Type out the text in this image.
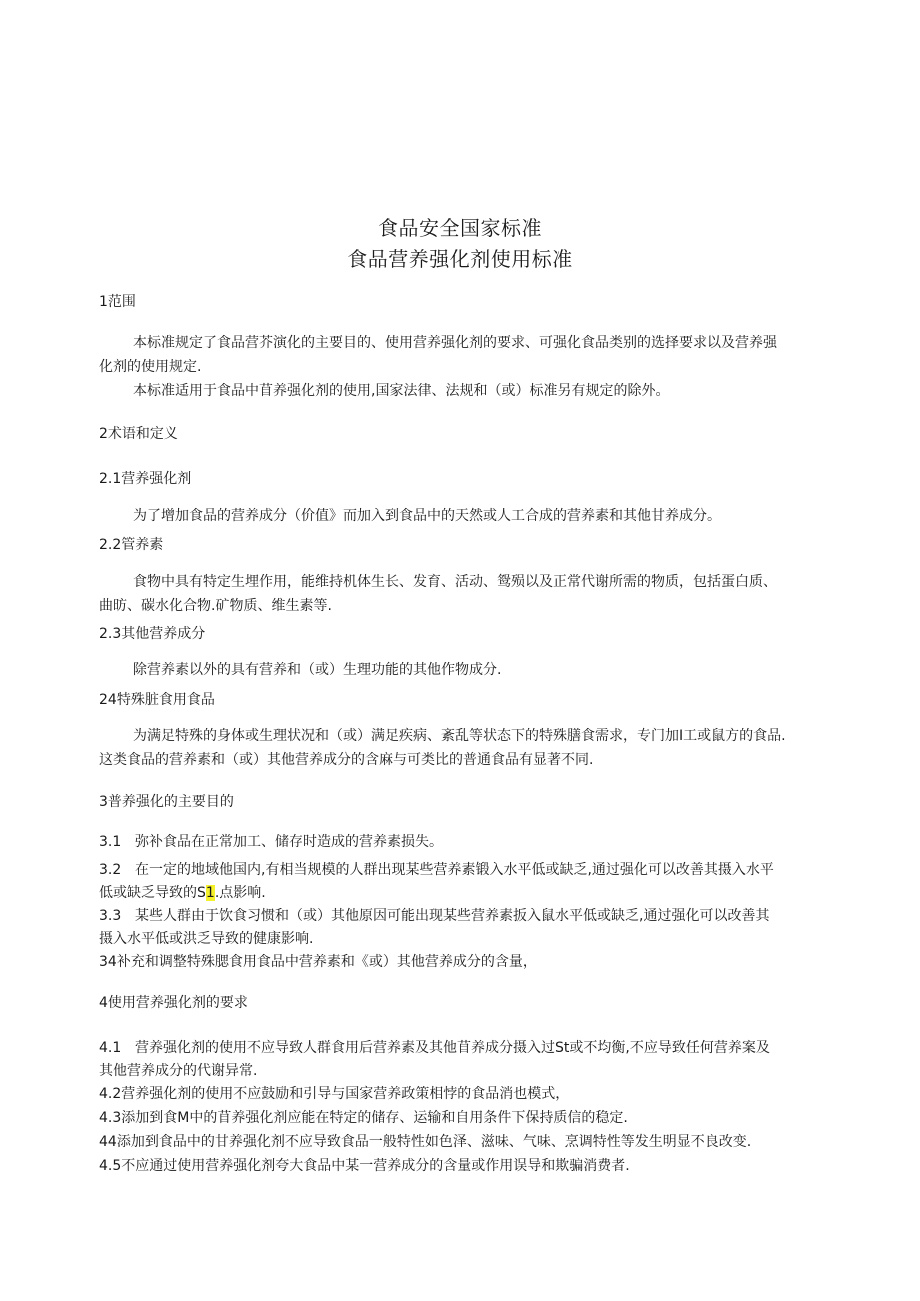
食品安全国家标准
食品营养强化剂使用标准
1范围
本标准规定了食品营芥演化的主要目的、使用营养强化剂的要求、可强化食品类别的选择要求以及营养强
化剂的使用规定.
本标准适用于食品中苜养强化剂的使用,国家法律、法规和（或）标准另有规定的除外。
2术语和定义
2.1营养强化剂
为了增加食品的营养成分（价值》而加入到食品中的天然或人工合成的营养素和其他甘养成分。
2.2管养素
食物中具有特定生埋作用，能维持机体生长、发育、活动、鸳殒以及正常代谢所需的物质，包括蛋白质、
曲昉、碳水化合物.矿物质、维生素等.
2.3其他营养成分
除营养素以外的具有营养和（或）生理功能的其他作物成分.
24特殊脏食用食品
为满足特殊的身体或生理状况和（或）满足疾病、紊乱等状态下的特殊膳食需求，专门加I工或鼠方的食品.
这类食品的营养素和（或）其他营养成分的含麻与可类比的普通食品有显著不同.
3普养强化的主要目的
3.1 弥补食品在正常加工、储存时造成的营养素损失。
3.2 在一定的地域他国内,有相当规模的人群出现某些营养素锻入水平低或缺乏,通过强化可以改善其摄入水平
低或缺乏导致的S1.点影响.
3.3 某些人群由于饮食习惯和（或）其他原因可能出现某些营养素扳入鼠水平低或缺乏,通过强化可以改善其
摄入水平低或洪乏导致的健康影响.
34补充和调整特殊腮食用食品中营养素和《或）其他营养成分的含量，
4使用营养强化剂的要求
4.1 营养强化剂的使用不应导致人群食用后营养素及其他苜养成分摄入过St或不均衡,不应导致任何营养案及
其他营养成分的代谢异常.
4.2营养强化剂的使用不应鼓励和引导与国家营养政策相悖的食品消也模式，
4.3添加到食M中的苜养强化剂应能在特定的储存、运输和自用条件下保持质信的稳定.
44添加到食品中的甘养强化剂不应导致食品一般特性如色泽、滋味、气味、烹调特性等发生明显不良改变.
4.5不应通过使用营养强化剂夸大食品中某一营养成分的含量或作用误导和欺骗消费者.
